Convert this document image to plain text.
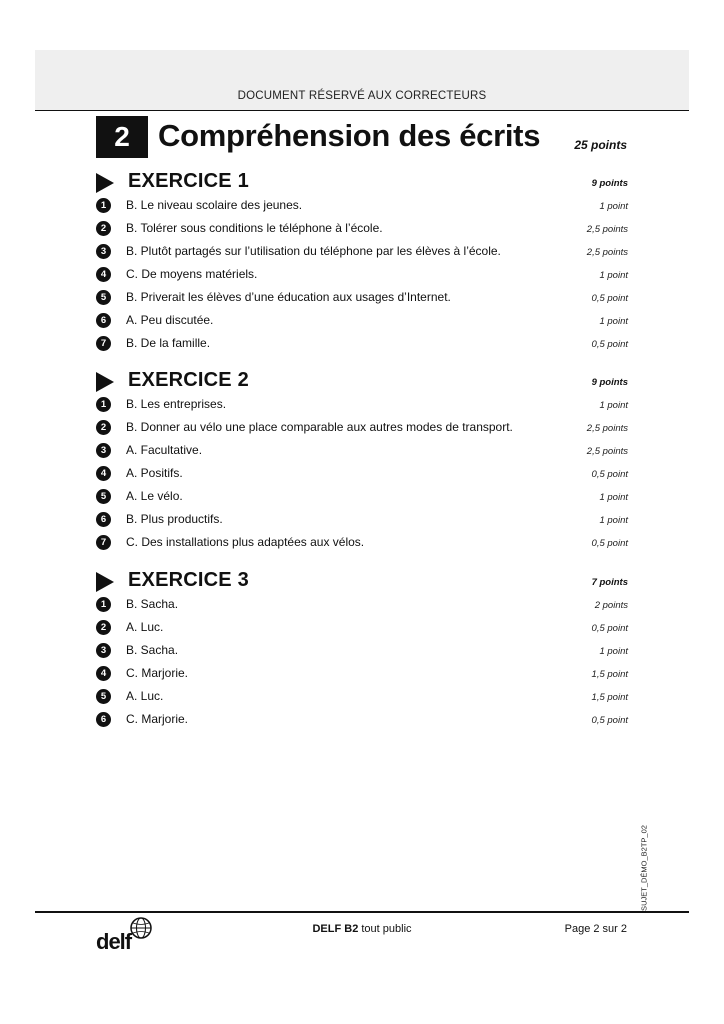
DOCUMENT RÉSERVÉ AUX CORRECTEURS
2 Compréhension des écrits	25 points
EXERCICE 1	9 points
1	B. Le niveau scolaire des jeunes.	1 point
2	B. Tolérer sous conditions le téléphone à l’école.	2,5 points
3	B. Plutôt partagés sur l’utilisation du téléphone par les élèves à l’école.	2,5 points
4	C. De moyens matériels.	1 point
5	B. Priverait les élèves d’une éducation aux usages d’Internet.	0,5 point
6	A. Peu discutée.	1 point
7	B. De la famille.	0,5 point
EXERCICE 2	9 points
1	B. Les entreprises.	1 point
2	B. Donner au vélo une place comparable aux autres modes de transport.	2,5 points
3	A. Facultative.	2,5 points
4	A. Positifs.	0,5 point
5	A. Le vélo.	1 point
6	B. Plus productifs.	1 point
7	C. Des installations plus adaptées aux vélos.	0,5 point
EXERCICE 3	7 points
1	B. Sacha.	2 points
2	A. Luc.	0,5 point
3	B. Sacha.	1 point
4	C. Marjorie.	1,5 point
5	A. Luc.	1,5 point
6	C. Marjorie.	0,5 point
SUJET_DÉMO_B2TP_02
delf	DELF B2 tout public	Page 2 sur 2
